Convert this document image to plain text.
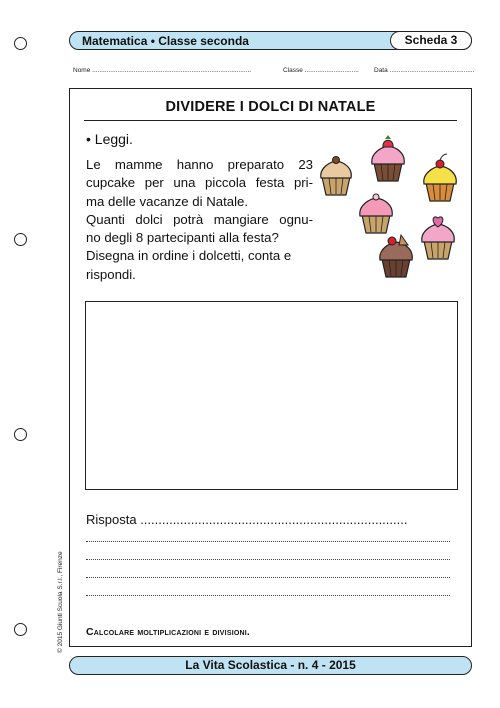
Matematica • Classe seconda	Scheda 3
Nome ........................................................................................	Classe .............................. Data ...............................................
DIVIDERE I DOLCI DI NATALE
• Leggi.
Le mamme hanno preparato 23
cupcake per una piccola festa pri-
ma delle vacanze di Natale.
Quanti dolci potrà mangiare ognu-
no degli 8 partecipanti alla festa?
Disegna in ordine i dolcetti, conta e
rispondi.
Risposta ..........................................................................
Calcolare moltiplicazioni e divisioni.
© 2015 Giunti Scuola S.r.l., Firenze
La Vita Scolastica - n. 4 - 2015
